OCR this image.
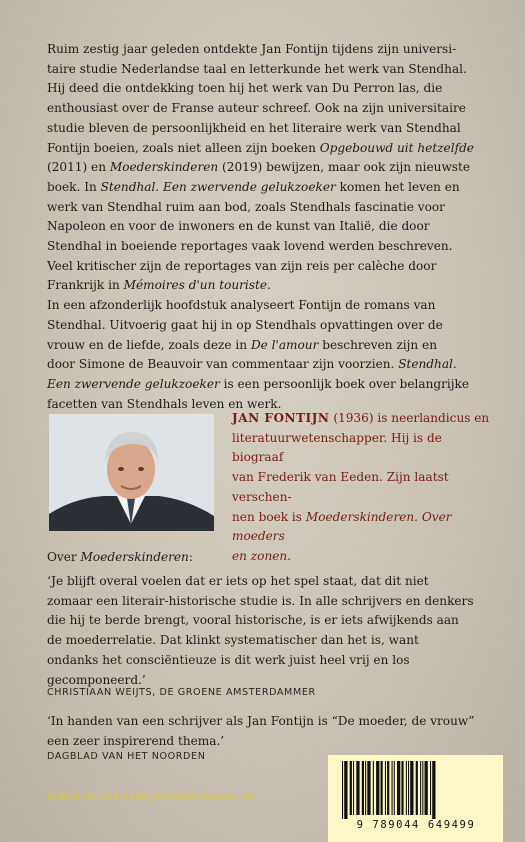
Ruim zestig jaar geleden ontdekte Jan Fontijn tijdens zijn universi-
taire studie Nederlandse taal en letterkunde het werk van Stendhal.
Hij deed die ontdekking toen hij het werk van Du Perron las, die
enthousiast over de Franse auteur schreef. Ook na zijn universitaire
studie bleven de persoonlijkheid en het literaire werk van Stendhal
Fontijn boeien, zoals niet alleen zijn boeken Opgebouwd uit hetzelfde
(2011) en Moederskinderen (2019) bewijzen, maar ook zijn nieuwste
boek. In Stendhal. Een zwervende gelukzoeker komen het leven en
werk van Stendhal ruim aan bod, zoals Stendhals fascinatie voor
Napoleon en voor de inwoners en de kunst van Italië, die door
Stendhal in boeiende reportages vaak lovend werden beschreven.
Veel kritischer zijn de reportages van zijn reis per calèche door
Frankrijk in Mémoires d'un touriste.

In een afzonderlijk hoofdstuk analyseert Fontijn de romans van
Stendhal. Uitvoerig gaat hij in op Stendhals opvattingen over de
vrouw en de liefde, zoals deze in De l'amour beschreven zijn en
door Simone de Beauvoir van commentaar zijn voorzien. Stendhal.
Een zwervende gelukzoeker is een persoonlijk boek over belangrijke
facetten van Stendhals leven en werk.

JAN FONTIJN (1936) is neerlandicus en
literatuurwetenschapper. Hij is de biograaf
van Frederik van Eeden. Zijn laatst verschen-
nen boek is Moederskinderen. Over moeders
en zonen.

Over Moederskinderen:

‘Je blijft overal voelen dat er iets op het spel staat, dat dit niet
zomaar een literair-historische studie is. In alle schrijvers en denkers
die hij te berde brengt, vooral historische, is er iets afwijkends aan
de moederrelatie. Dat klinkt systematischer dan het is, want
ondanks het consciëntieuze is dit werk juist heel vrij en los
gecomponeerd.’

CHRISTIAAN WEIJTS, DE GROENE AMSTERDAMMER

‘In handen van een schrijver als Jan Fontijn is “De moeder, de vrouw”
een zeer inspirerend thema.’

DAGBLAD VAN HET NOORDEN
WWW.UITGEVERIJPROMETHEUS.NL
9 789044 649499
